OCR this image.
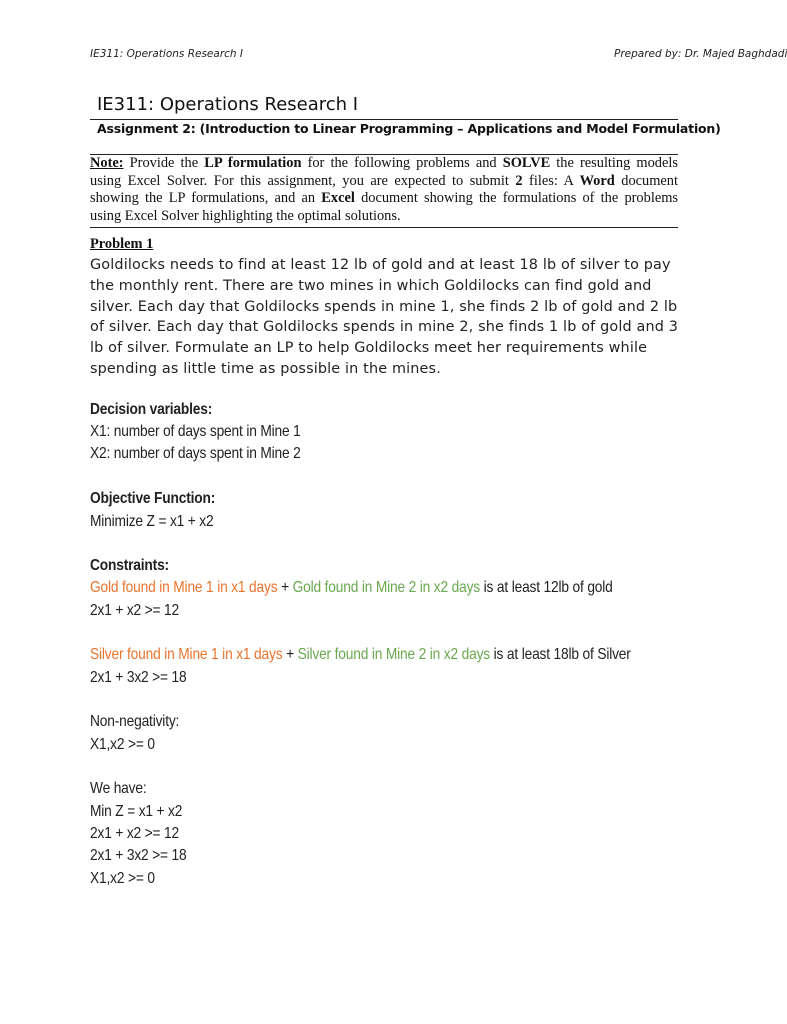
IE311: Operations Research I	Prepared by: Dr. Majed Baghdadi
IE311: Operations Research I
Assignment 2: (Introduction to Linear Programming – Applications and Model Formulation)
Note: Provide the LP formulation for the following problems and SOLVE the resulting models using Excel Solver. For this assignment, you are expected to submit 2 files: A Word document showing the LP formulations, and an Excel document showing the formulations of the problems using Excel Solver highlighting the optimal solutions.
Problem 1
Goldilocks needs to find at least 12 lb of gold and at least 18 lb of silver to pay the monthly rent. There are two mines in which Goldilocks can find gold and silver. Each day that Goldilocks spends in mine 1, she finds 2 lb of gold and 2 lb of silver. Each day that Goldilocks spends in mine 2, she finds 1 lb of gold and 3 lb of silver. Formulate an LP to help Goldilocks meet her requirements while spending as little time as possible in the mines.
Decision variables:
X1: number of days spent in Mine 1
X2: number of days spent in Mine 2
Objective Function:
Minimize Z = x1 + x2
Constraints:
Gold found in Mine 1 in x1 days + Gold found in Mine 2 in x2 days is at least 12lb of gold
2x1 + x2 >= 12
Silver found in Mine 1 in x1 days + Silver found in Mine 2 in x2 days is at least 18lb of Silver
2x1 + 3x2 >= 18
Non-negativity:
X1,x2 >= 0
We have:
Min Z = x1 + x2
2x1 + x2 >= 12
2x1 + 3x2 >= 18
X1,x2 >= 0
